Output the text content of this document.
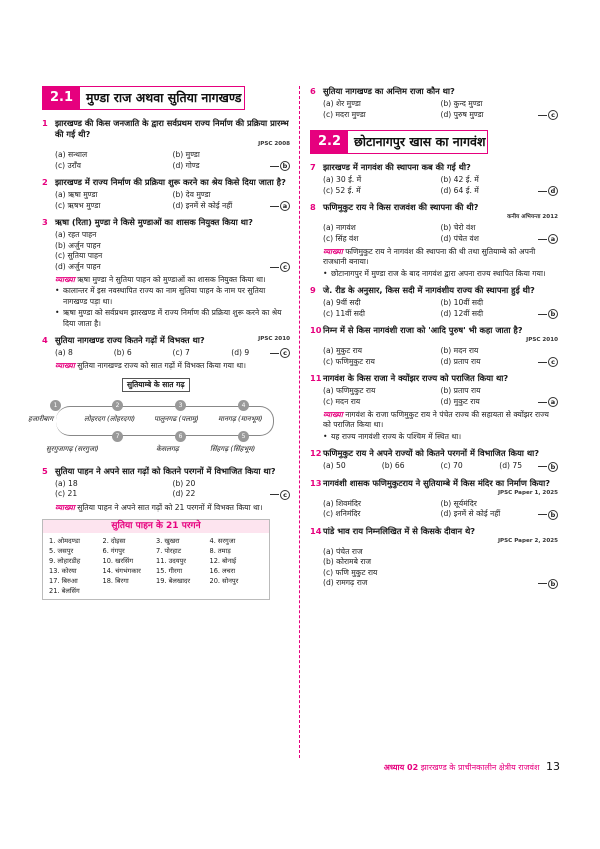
2.1	मुण्डा राज अथवा सुतिया नागखण्ड
1 झारखण्ड की किस जनजाति के द्वारा सर्वप्रथम राज्य निर्माण की प्रक्रिया प्रारम्भ की गई थी?
JPSC 2008
(a) सन्थाल	(b) मुण्डा
(c) उराँव	(d) गोण्ड	b
2 झारखण्ड में राज्य निर्माण की प्रक्रिया शुरू करने का श्रेय किसे दिया जाता है?
(a) ऋषा मुण्डा	(b) देव मुण्डा
(c) ऋषभ मुण्डा	(d) इनमें से कोई नहीं	a
3 ऋषा (रिता) मुण्डा ने किसे मुण्डाओं का शासक नियुक्त किया था?
(a) रहत पाहन
(b) अर्जुन पाहन
(c) सुतिया पाहन
(d) अर्जुन पाहन	c
व्याख्या ऋषा मुण्डा ने सुतिया पाहन को मुण्डाओं का शासक नियुक्त किया था।
• कालान्तर में इस नवस्थापित राज्य का नाम सुतिया पाहन के नाम पर सुतिया नागखण्ड पड़ा था।
• ऋषा मुण्डा को सर्वप्रथम झारखण्ड में राज्य निर्माण की प्रक्रिया शुरू करने का श्रेय दिया जाता है।
4 सुतिया नागखण्ड राज्य कितने गढ़ों में विभक्त था?	JPSC 2010
(a) 8	(b) 6	(c) 7	(d) 9	c
व्याख्या सुतिया नागखण्ड राज्य को सात गढ़ों में विभक्त किया गया था।
सुतियाम्बे के सात गढ़
1	2	3	4
5
6
7
हजारीबाग	लोहरदग (लोहरदगा)	पालुनगढ (पलामू)	मानगढ़ (मानभूम)
सुरगुजागढ़ (सरगुजा)	केसलगढ़	सिंहगढ़ (सिंहभूम)
5 सुतिया पाहन ने अपने सात गढ़ों को कितने परगनों में विभाजित किया था?
(a) 18	(b) 20
(c) 21	(d) 22	c
व्याख्या सुतिया पाहन ने अपने सात गढ़ों को 21 परगनों में विभक्त किया था।
सुतिया पाहन के 21 परगने
1. ओमदण्डा	2. दोइसा	3. खुखरा	4. सरगुजा
5. जसपुर	6. गंगपुर	7. पोरहाट	8. तमाड़
9. लोहारडीह	10. खरसिंग	11. उदयपुर	12. बोनाई
13. कोरया	14. चंगभंगकार	15. गीरगा	16. लचरा
17. बिरुआ	18. बिरगा	19. बेलखादर	20. सोनपुर
21. बेलसिंग
6 सुतिया नागखण्ड का अन्तिम राजा कौन था?
(a) शेर मुण्डा	(b) कुन्द मुण्डा
(c) मदरा मुण्डा	(d) पुरुष मुण्डा	c
2.2	छोटानागपुर खास का नागवंश
7 झारखण्ड में नागवंश की स्थापना कब की गई थी?
(a) 30 ई. में	(b) 42 ई. में
(c) 52 ई. में	(d) 64 ई. में	d
8 फणिमुकुट राय ने किस राजवंश की स्थापना की थी?
कनीय अभियन्ता 2012
(a) नागवंश	(b) चेरो वंश
(c) सिंह वंश	(d) पंचेत वंश	a
व्याख्या फणिमुकुट राय ने नागवंश की स्थापना की थी तथा सुतियाम्बे को अपनी राजधानी बनाया।
• छोटानागपुर में मुण्डा राज के बाद नागवंश द्वारा अपना राज्य स्थापित किया गया।
9 जे. रीड के अनुसार, किस सदी में नागवंशीय राज्य की स्थापना हुई थी?
(a) 9वीं सदी	(b) 10वीं सदी
(c) 11वीं सदी	(d) 12वीं सदी	b
10 निम्न में से किस नागवंशी राजा को 'आदि पुरुष' भी कहा जाता है?
JPSC 2010
(a) मुकुट राय	(b) मदन राय
(c) फणिमुकुट राय	(d) प्रताप राय	c
11 नागवंश के किस राजा ने क्योंझर राज्य को पराजित किया था?
(a) फणिमुकुट राय	(b) प्रताप राय
(c) मदन राय	(d) मुकुट राय	a
व्याख्या नागवंश के राजा फणिमुकुट राय ने पंचेत राज्य की सहायता से क्योंझर राज्य को पराजित किया था।
• यह राज्य नागवंशी राज्य के पश्चिम में स्थित था।
12 फणिमुकुट राय ने अपने राज्यों को कितने परगनों में विभाजित किया था?
(a) 50	(b) 66	(c) 70	(d) 75	b
13 नागवंशी शासक फणिमुकुटराय ने सुतियाम्बे में किस मंदिर का निर्माण किया?
JPSC Paper 1, 2025
(a) शिवमंदिर	(b) सूर्यमंदिर
(c) शनिमंदिर	(d) इनमें से कोई नहीं	b
14 पांडे भाव राय निम्नलिखित में से किसके दीवान थे?
JPSC Paper 2, 2025
(a) पंचेत राज
(b) कोरामबे राज
(c) फणि मुकुट राय
(d) रामगढ़ राज	b
अध्याय 02 झारखण्ड के प्राचीनकालीन क्षेत्रीय राजवंश 13
